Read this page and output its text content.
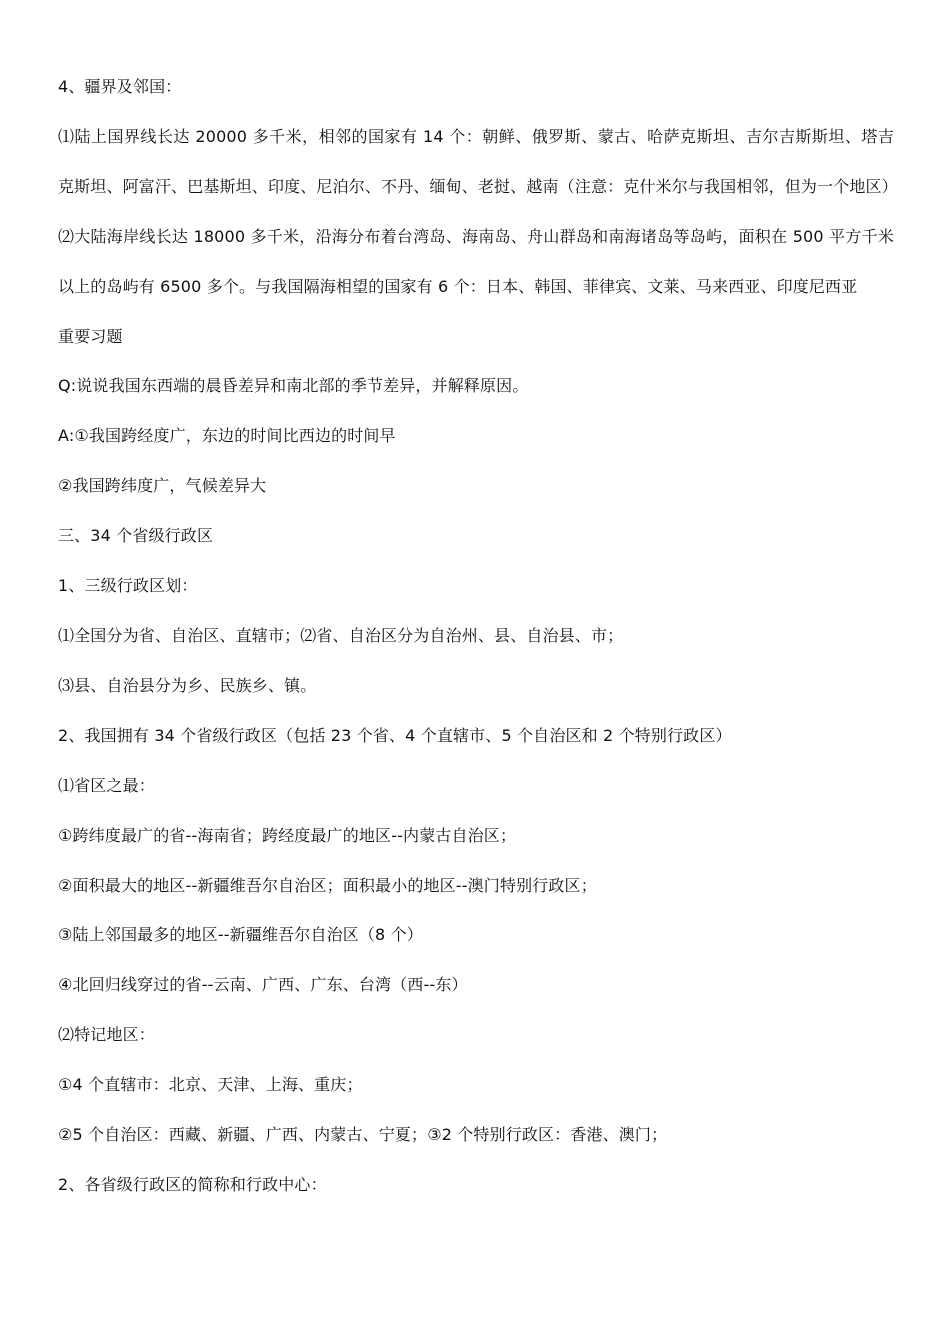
4、疆界及邻国：

⑴陆上国界线长达 20000 多千米，相邻的国家有 14 个：朝鲜、俄罗斯、蒙古、哈萨克斯坦、吉尔吉斯斯坦、塔吉克斯坦、阿富汗、巴基斯坦、印度、尼泊尔、不丹、缅甸、老挝、越南（注意：克什米尔与我国相邻，但为一个地区）

⑵大陆海岸线长达 18000 多千米，沿海分布着台湾岛、海南岛、舟山群岛和南海诸岛等岛屿，面积在 500 平方千米以上的岛屿有 6500 多个。与我国隔海相望的国家有 6 个：日本、韩国、菲律宾、文莱、马来西亚、印度尼西亚

重要习题

Q:说说我国东西端的晨昏差异和南北部的季节差异，并解释原因。

A:①我国跨经度广，东边的时间比西边的时间早

②我国跨纬度广，气候差异大

三、34 个省级行政区

1、三级行政区划：

⑴全国分为省、自治区、直辖市；⑵省、自治区分为自治州、县、自治县、市；

⑶县、自治县分为乡、民族乡、镇。

2、我国拥有 34 个省级行政区（包括 23 个省、4 个直辖市、5 个自治区和 2 个特别行政区）

⑴省区之最：

①跨纬度最广的省--海南省；跨经度最广的地区--内蒙古自治区；

②面积最大的地区--新疆维吾尔自治区；面积最小的地区--澳门特别行政区；

③陆上邻国最多的地区--新疆维吾尔自治区（8 个）

④北回归线穿过的省--云南、广西、广东、台湾（西--东）

⑵特记地区：

①4 个直辖市：北京、天津、上海、重庆；

②5 个自治区：西藏、新疆、广西、内蒙古、宁夏；③2 个特别行政区：香港、澳门；

2、各省级行政区的简称和行政中心：
